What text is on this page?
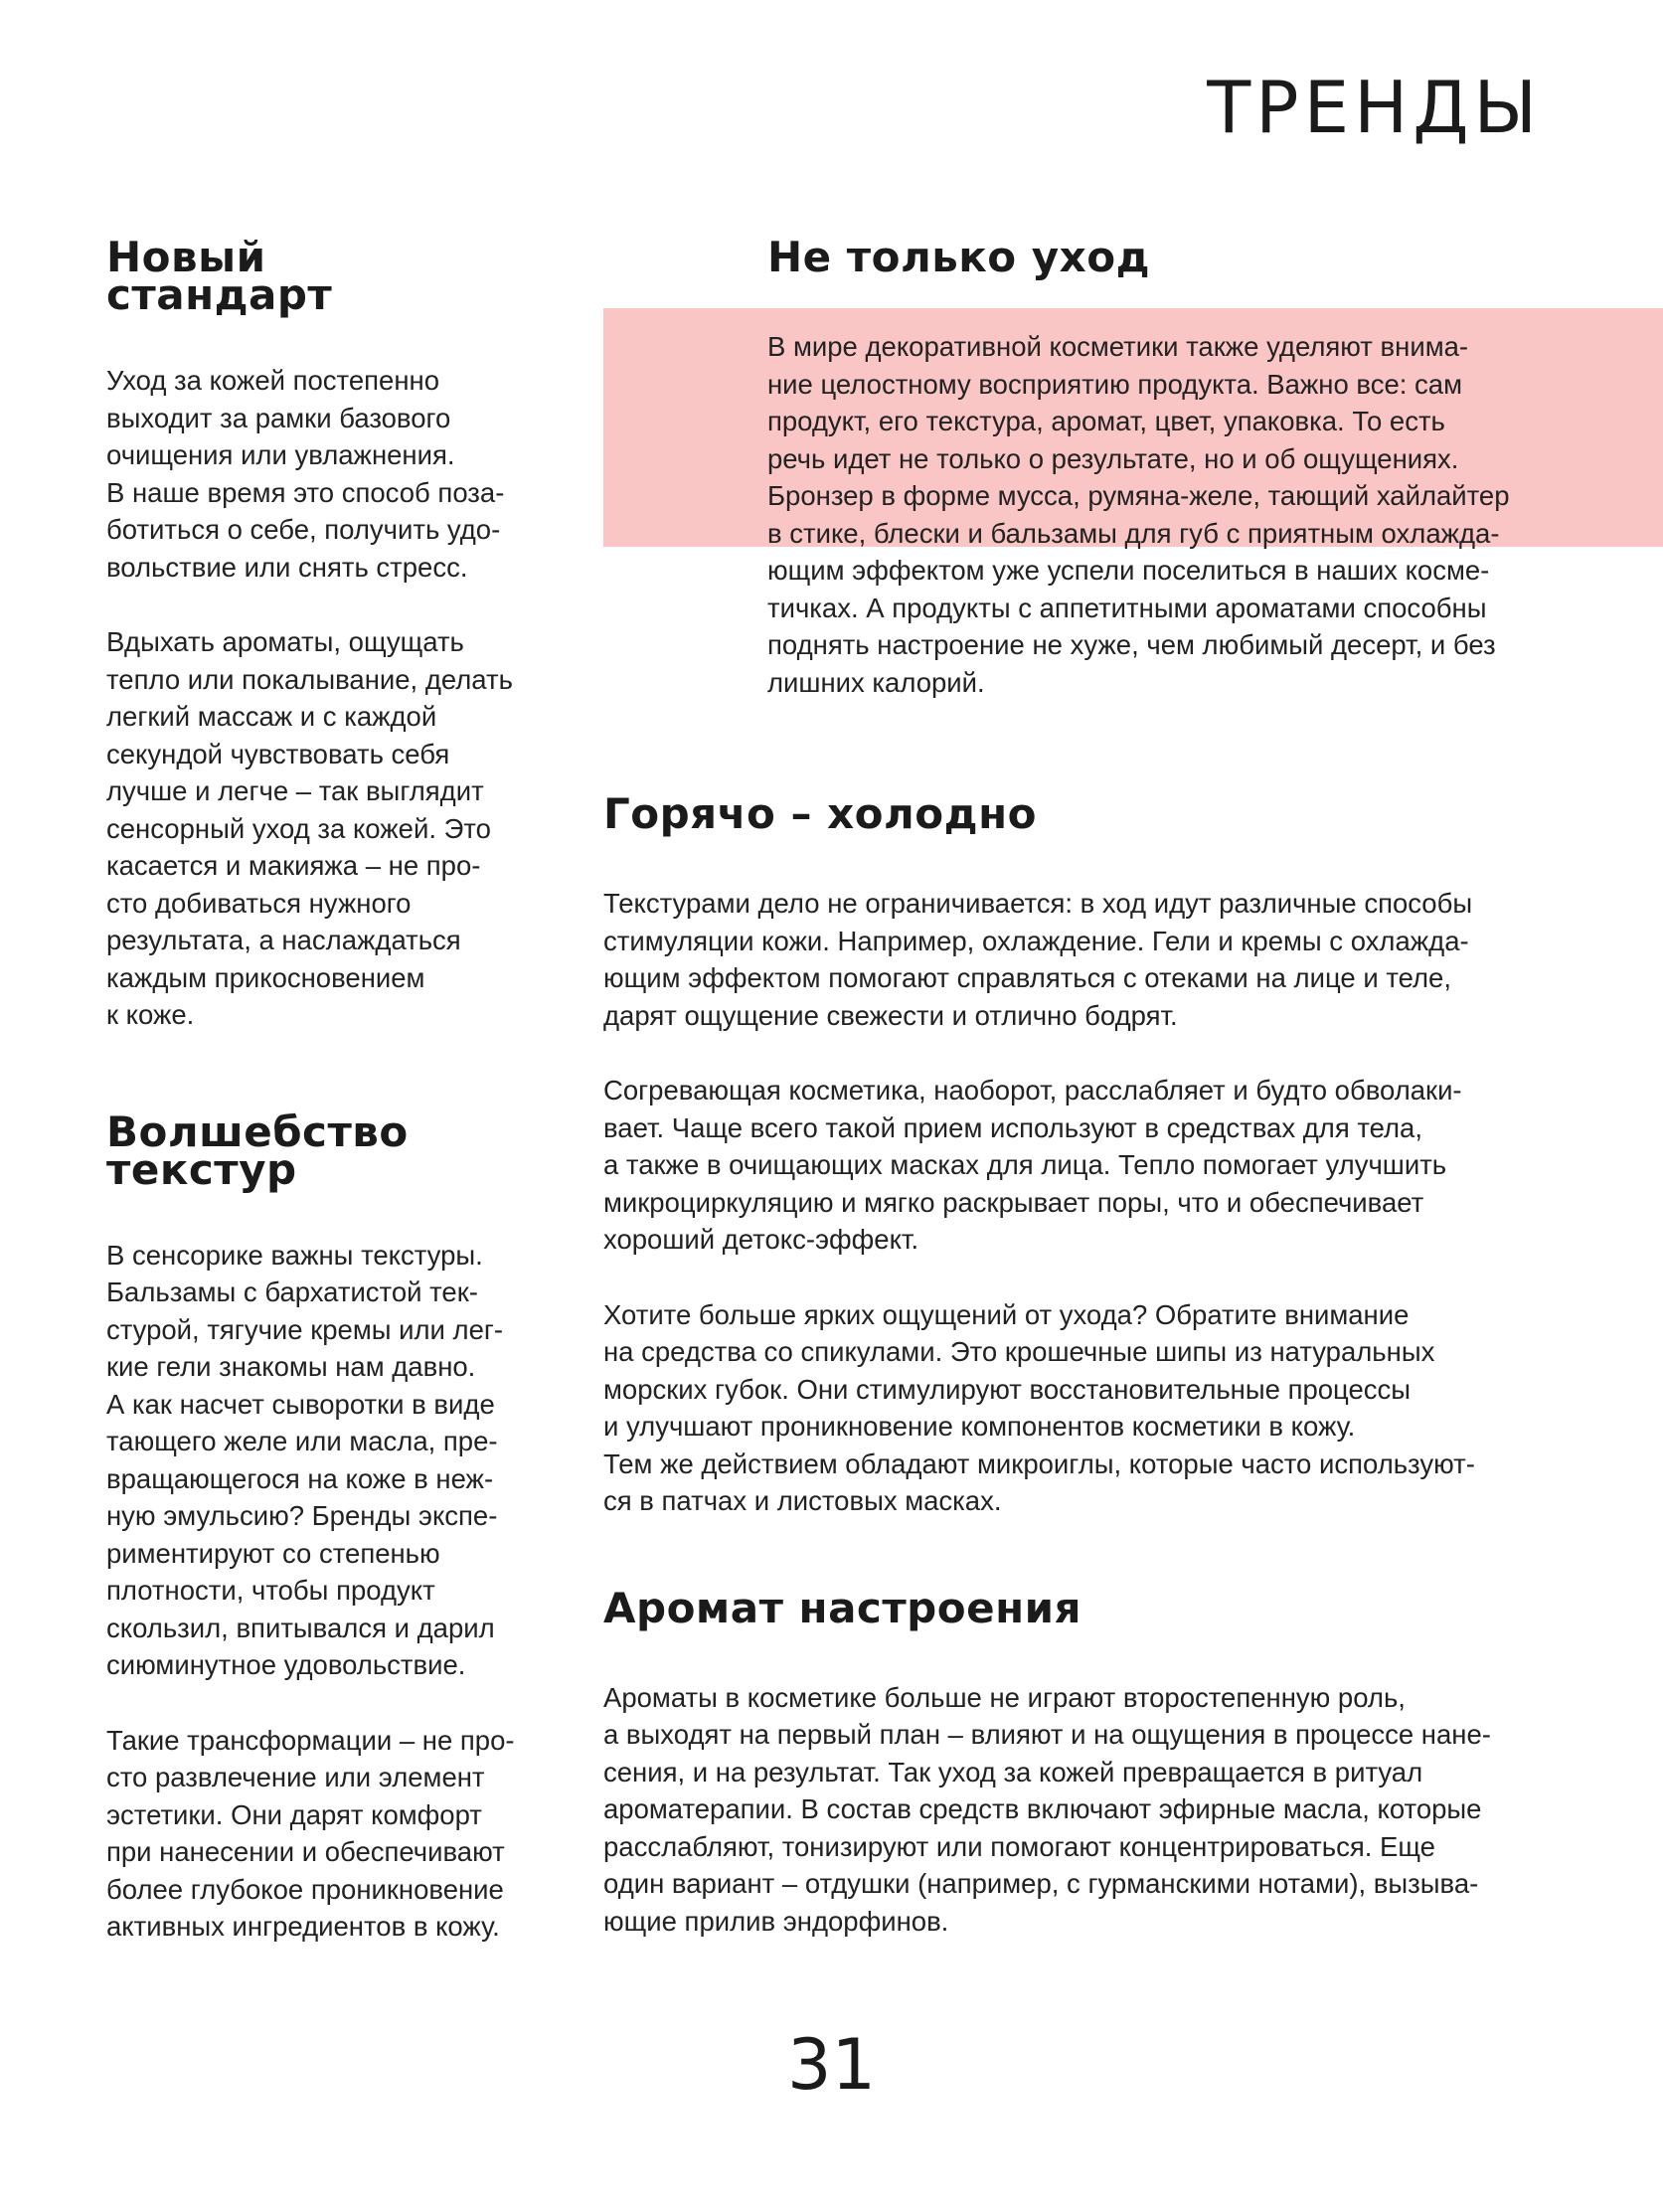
ТРЕНДЫ
Новый
стандарт

Уход за кожей постепенно
выходит за рамки базового
очищения или увлажнения.
В наше время это способ поза-
ботиться о себе, получить удо-
вольствие или снять стресс.

Вдыхать ароматы, ощущать
тепло или покалывание, делать
легкий массаж и с каждой
секундой чувствовать себя
лучше и легче – так выглядит
сенсорный уход за кожей. Это
касается и макияжа – не про-
сто добиваться нужного
результата, а наслаждаться
каждым прикосновением
к коже.

Волшебство
текстур

В сенсорике важны текстуры.
Бальзамы с бархатистой тек-
стурой, тягучие кремы или лег-
кие гели знакомы нам давно.
А как насчет сыворотки в виде
тающего желе или масла, пре-
вращающегося на коже в неж-
ную эмульсию? Бренды экспе-
риментируют со степенью
плотности, чтобы продукт
скользил, впитывался и дарил
сиюминутное удовольствие.

Такие трансформации – не про-
сто развлечение или элемент
эстетики. Они дарят комфорт
при нанесении и обеспечивают
более глубокое проникновение
активных ингредиентов в кожу.

Не только уход

В мире декоративной косметики также уделяют внима-
ние целостному восприятию продукта. Важно все: сам
продукт, его текстура, аромат, цвет, упаковка. То есть
речь идет не только о результате, но и об ощущениях.
Бронзер в форме мусса, румяна-желе, тающий хайлайтер
в стике, блески и бальзамы для губ с приятным охлажда-
ющим эффектом уже успели поселиться в наших косме-
тичках. А продукты с аппетитными ароматами способны
поднять настроение не хуже, чем любимый десерт, и без
лишних калорий.

Горячо – холодно

Текстурами дело не ограничивается: в ход идут различные способы
стимуляции кожи. Например, охлаждение. Гели и кремы с охлажда-
ющим эффектом помогают справляться с отеками на лице и теле,
дарят ощущение свежести и отлично бодрят.

Согревающая косметика, наоборот, расслабляет и будто обволаки-
вает. Чаще всего такой прием используют в средствах для тела,
а также в очищающих масках для лица. Тепло помогает улучшить
микроциркуляцию и мягко раскрывает поры, что и обеспечивает
хороший детокс-эффект.

Хотите больше ярких ощущений от ухода? Обратите внимание
на средства со спикулами. Это крошечные шипы из натуральных
морских губок. Они стимулируют восстановительные процессы
и улучшают проникновение компонентов косметики в кожу.
Тем же действием обладают микроиглы, которые часто используют-
ся в патчах и листовых масках.

Аромат настроения

Ароматы в косметике больше не играют второстепенную роль,
а выходят на первый план – влияют и на ощущения в процессе нане-
сения, и на результат. Так уход за кожей превращается в ритуал
ароматерапии. В состав средств включают эфирные масла, которые
расслабляют, тонизируют или помогают концентрироваться. Еще
один вариант – отдушки (например, с гурманскими нотами), вызыва-
ющие прилив эндорфинов.

31
